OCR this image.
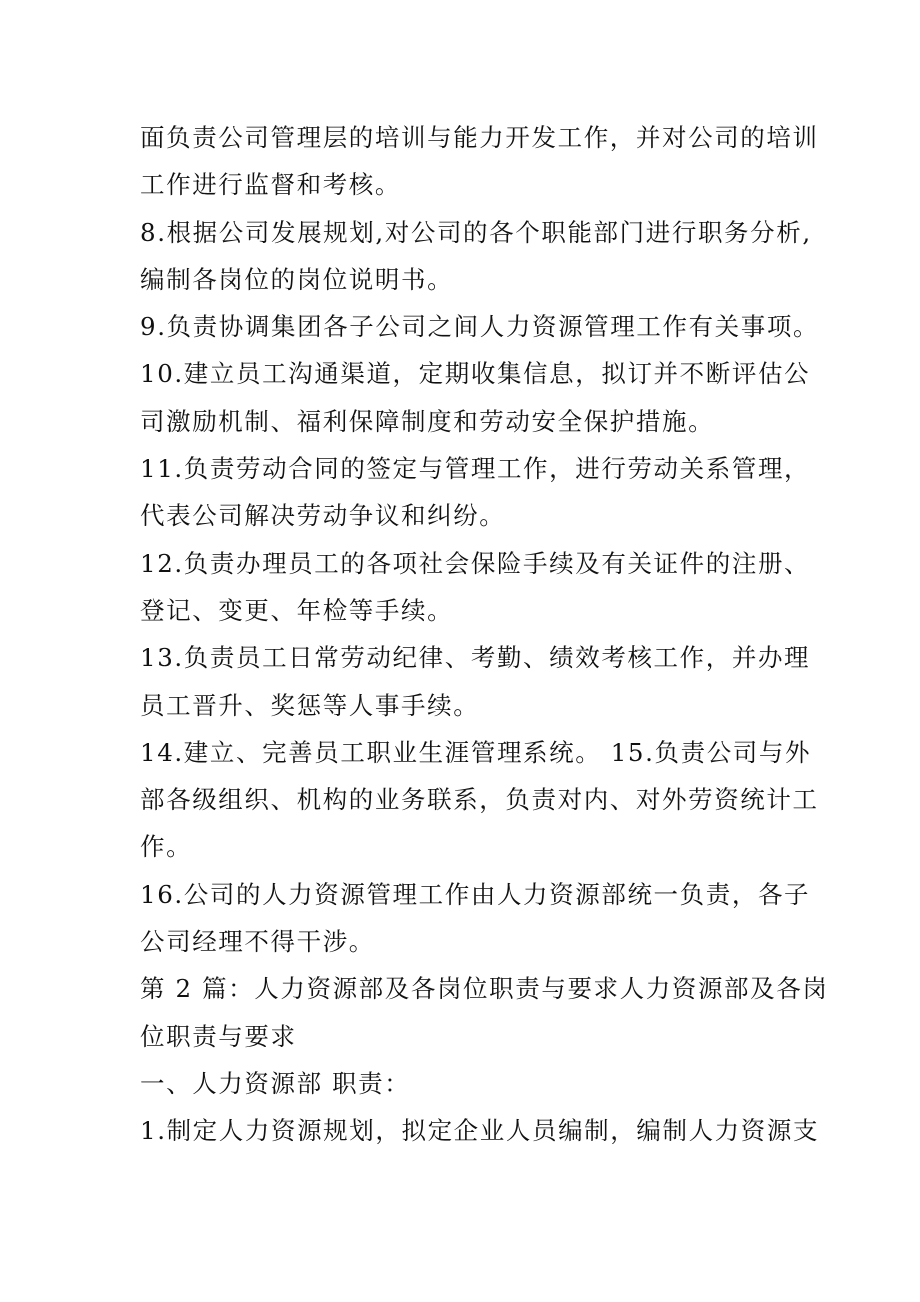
面负责公司管理层的培训与能力开发工作，并对公司的培训
工作进行监督和考核。
8.根据公司发展规划,对公司的各个职能部门进行职务分析,
编制各岗位的岗位说明书。
9.负责协调集团各子公司之间人力资源管理工作有关事项。
10.建立员工沟通渠道，定期收集信息，拟订并不断评估公
司激励机制、福利保障制度和劳动安全保护措施。
11.负责劳动合同的签定与管理工作，进行劳动关系管理，
代表公司解决劳动争议和纠纷。
12.负责办理员工的各项社会保险手续及有关证件的注册、
登记、变更、年检等手续。
13.负责员工日常劳动纪律、考勤、绩效考核工作，并办理
员工晋升、奖惩等人事手续。
14.建立、完善员工职业生涯管理系统。 15.负责公司与外
部各级组织、机构的业务联系，负责对内、对外劳资统计工
作。
16.公司的人力资源管理工作由人力资源部统一负责，各子
公司经理不得干涉。
第 2 篇：人力资源部及各岗位职责与要求人力资源部及各岗
位职责与要求
一、人力资源部 职责：
1.制定人力资源规划，拟定企业人员编制，编制人力资源支
